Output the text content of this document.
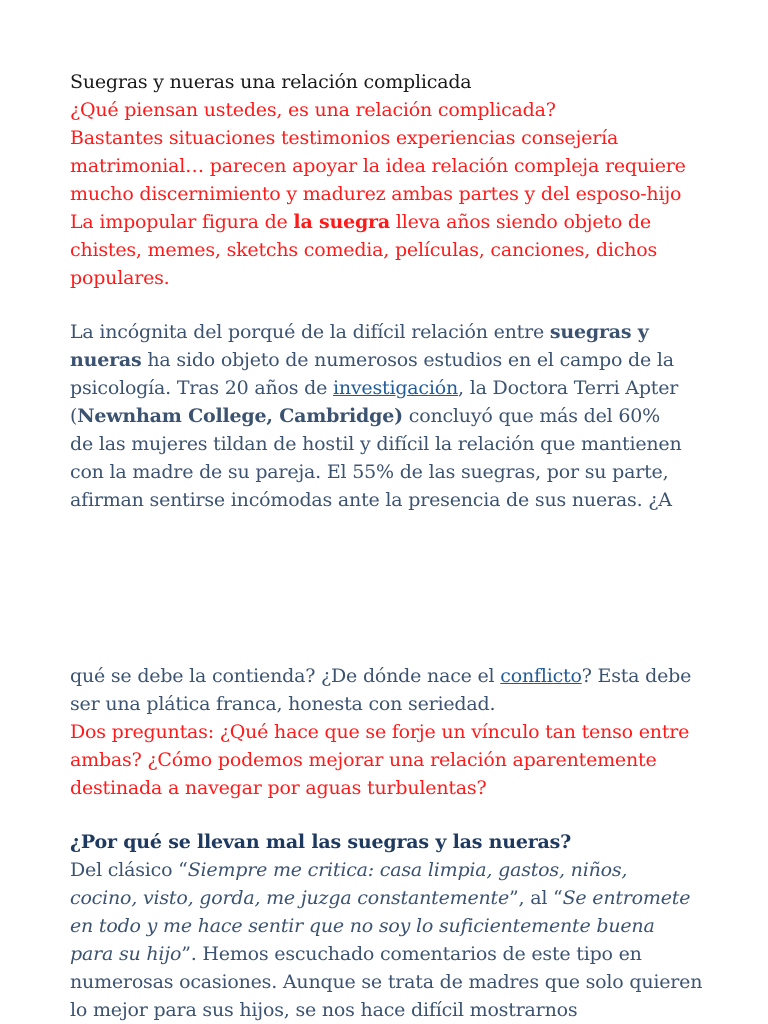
Suegras y nueras una relación complicada
¿Qué piensan ustedes, es una relación complicada?
Bastantes situaciones testimonios experiencias consejería
matrimonial… parecen apoyar la idea relación compleja requiere
mucho discernimiento y madurez ambas partes y del esposo-hijo
La impopular figura de la suegra lleva años siendo objeto de
chistes, memes, sketchs comedia, películas, canciones, dichos
populares.
La incógnita del porqué de la difícil relación entre suegras y
nueras ha sido objeto de numerosos estudios en el campo de la
psicología. Tras 20 años de investigación, la Doctora Terri Apter
(Newnham College, Cambridge) concluyó que más del 60%
de las mujeres tildan de hostil y difícil la relación que mantienen
con la madre de su pareja. El 55% de las suegras, por su parte,
afirman sentirse incómodas ante la presencia de sus nueras. ¿A
qué se debe la contienda? ¿De dónde nace el conflicto? Esta debe
ser una plática franca, honesta con seriedad.
Dos preguntas: ¿Qué hace que se forje un vínculo tan tenso entre
ambas? ¿Cómo podemos mejorar una relación aparentemente
destinada a navegar por aguas turbulentas?
¿Por qué se llevan mal las suegras y las nueras?
Del clásico “Siempre me critica: casa limpia, gastos, niños,
cocino, visto, gorda, me juzga constantemente”, al “Se entromete
en todo y me hace sentir que no soy lo suficientemente buena
para su hijo”. Hemos escuchado comentarios de este tipo en
numerosas ocasiones. Aunque se trata de madres que solo quieren
lo mejor para sus hijos, se nos hace difícil mostrarnos
